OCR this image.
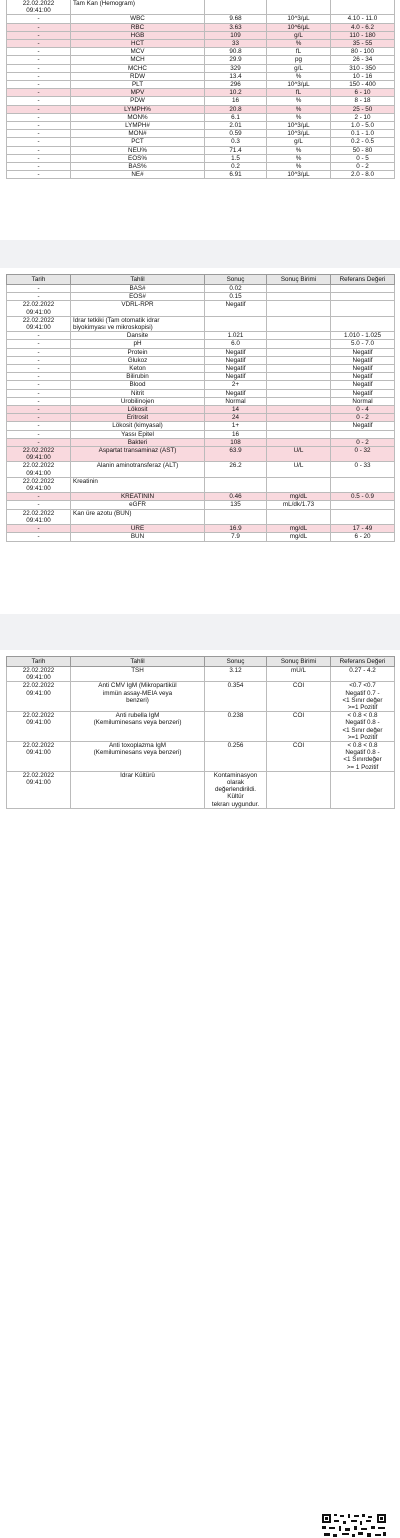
22.02.2022
09:41:00	Tam Kan (Hemogram)			
-	WBC	9.68	10^3/µL	4.10 - 11.0
-	RBC	3.63	10^6/µL	4.0 - 6.2
-	HGB	109	g/L	110 - 180
-	HCT	33	%	35 - 55
-	MCV	90.8	fL	80 - 100
-	MCH	29.9	pg	26 - 34
-	MCHC	329	g/L	310 - 350
-	RDW	13.4	%	10 - 16
-	PLT	296	10^3/µL	150 - 400
-	MPV	10.2	fL	6 - 10
-	PDW	16	%	8 - 18
-	LYMPH%	20.8	%	25 - 50
-	MON%	6.1	%	2 - 10
-	LYMPH#	2.01	10^3/µL	1.0 - 5.0
-	MON#	0.59	10^3/µL	0.1 - 1.0
-	PCT	0.3	g/L	0.2 - 0.5
-	NEU%	71.4	%	50 - 80
-	EOS%	1.5	%	0 - 5
-	BAS%	0.2	%	0 - 2
-	NE#	6.91	10^3/µL	2.0 - 8.0
Tarih	Tahlil	Sonuç	Sonuç Birimi	Referans Değeri
-	BAS#	0.02		
-	EOS#	0.15		
22.02.2022
09:41:00	VDRL-RPR	Negatif		
22.02.2022
09:41:00	İdrar tetkiki (Tam otomatik idrar
biyokimyası ve mikroskopisi)			
-	Dansite	1.021		1.010 - 1.025
-	pH	6.0		5.0 - 7.0
-	Protein	Negatif		Negatif
-	Glukoz	Negatif		Negatif
-	Keton	Negatif		Negatif
-	Bilirubin	Negatif		Negatif
-	Blood	2+		Negatif
-	Nitrit	Negatif		Negatif
-	Urobilinojen	Normal		Normal
-	Lökosit	14		0 - 4
-	Eritrosit	24		0 - 2
-	Lökosit (kimyasal)	1+		Negatif
-	Yassı Epitel	16		
-	Bakteri	108		0 - 2
22.02.2022
09:41:00	Aspartat transaminaz (AST)	63.9	U/L	0 - 32
22.02.2022
09:41:00	Alanin aminotransferaz (ALT)	26.2	U/L	0 - 33
22.02.2022
09:41:00	Kreatinin			
-	KREATİNİN	0.46	mg/dL	0.5 - 0.9
-	eGFR	135	mL/dk/1.73	
22.02.2022
09:41:00	Kan üre azotu (BUN)			
-	ÜRE	16.9	mg/dL	17 - 49
-	BUN	7.9	mg/dL	6 - 20
Tarih	Tahlil	Sonuç	Sonuç Birimi	Referans Değeri
22.02.2022
09:41:00	TSH	3.12	mU/L	0.27 - 4.2
22.02.2022
09:41:00	Anti CMV IgM (Mikropartikül
immün assay-MEIA veya
benzeri)	0.354	COI	<0.7 <0.7
Negatif 0.7 -
<1 Sınır değer
>=1 Pozitif
22.02.2022
09:41:00	Anti rubella IgM
(Kemiluminesans veya benzeri)	0.238	COI	< 0.8 < 0.8
Negatif 0.8 -
<1 Sınır değer
>=1 Pozitif
22.02.2022
09:41:00	Anti toxoplazma IgM
(Kemiluminesans veya benzeri)	0.256	COI	< 0.8 < 0.8
Negatif 0.8 -
<1 Sınırdeğer
>= 1 Pozitif
22.02.2022
09:41:00	İdrar Kültürü	Kontaminasyon olarak
değerlendirildi. Kültür
tekrarı uygundur.		
